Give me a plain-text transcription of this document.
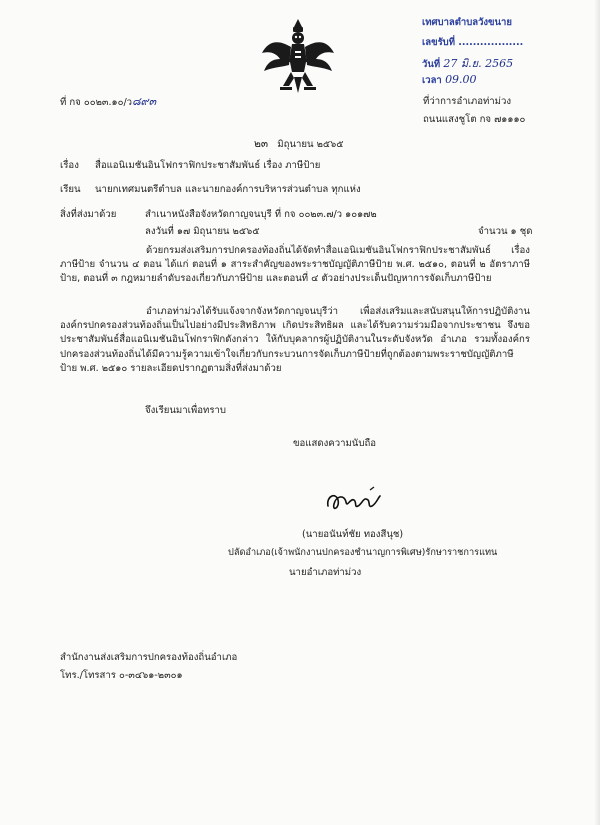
เทศบาลตำบลวังขนาย
เลขรับที่ ..................
วันที่ 27 มิ.ย. 2565
เวลา 09.00
ที่ กจ ๐๐๒๓.๑๐/ว๘๙๓	ที่ว่าการอำเภอท่าม่วง
ถนนแสงชูโต กจ ๗๑๑๑๐
๒๓ มิถุนายน ๒๕๖๕
เรื่อง สื่อแอนิเมชันอินโฟกราฟิกประชาสัมพันธ์ เรื่อง ภาษีป้าย
เรียน นายกเทศมนตรีตำบล และนายกองค์การบริหารส่วนตำบล ทุกแห่ง
สิ่งที่ส่งมาด้วย	สำเนาหนังสือจังหวัดกาญจนบุรี ที่ กจ ๐๐๒๓.๗/ว ๑๐๑๗๒
ลงวันที่ ๑๗ มิถุนายน ๒๕๖๕	จำนวน ๑ ชุด
ด้วยกรมส่งเสริมการปกครองท้องถิ่นได้จัดทำสื่อแอนิเมชันอินโฟกราฟิกประชาสัมพันธ์ เรื่อง ภาษีป้าย จำนวน ๔ ตอน ได้แก่ ตอนที่ ๑ สาระสำคัญของพระราชบัญญัติภาษีป้าย พ.ศ. ๒๕๑๐, ตอนที่ ๒ อัตราภาษีป้าย, ตอนที่ ๓ กฎหมายลำดับรองเกี่ยวกับภาษีป้าย และตอนที่ ๔ ตัวอย่างประเด็นปัญหาการจัดเก็บภาษีป้าย
อำเภอท่าม่วงได้รับแจ้งจากจังหวัดกาญจนบุรีว่า เพื่อส่งเสริมและสนับสนุนให้การปฏิบัติงานองค์กรปกครองส่วนท้องถิ่นเป็นไปอย่างมีประสิทธิภาพ เกิดประสิทธิผล และได้รับความร่วมมือจากประชาชน จึงขอประชาสัมพันธ์สื่อแอนิเมชันอินโฟกราฟิกดังกล่าว ให้กับบุคลากรผู้ปฏิบัติงานในระดับจังหวัด อำเภอ รวมทั้งองค์กรปกครองส่วนท้องถิ่นได้มีความรู้ความเข้าใจเกี่ยวกับกระบวนการจัดเก็บภาษีป้ายที่ถูกต้องตามพระราชบัญญัติภาษีป้าย พ.ศ. ๒๕๑๐ รายละเอียดปรากฏตามสิ่งที่ส่งมาด้วย
จึงเรียนมาเพื่อทราบ
ขอแสดงความนับถือ
(นายอนันท์ชัย ทองสีนุช)
ปลัดอำเภอ(เจ้าพนักงานปกครองชำนาญการพิเศษ)รักษาราชการแทน
นายอำเภอท่าม่วง
สำนักงานส่งเสริมการปกครองท้องถิ่นอำเภอ
โทร./โทรสาร ๐-๓๔๖๑-๒๓๐๑
